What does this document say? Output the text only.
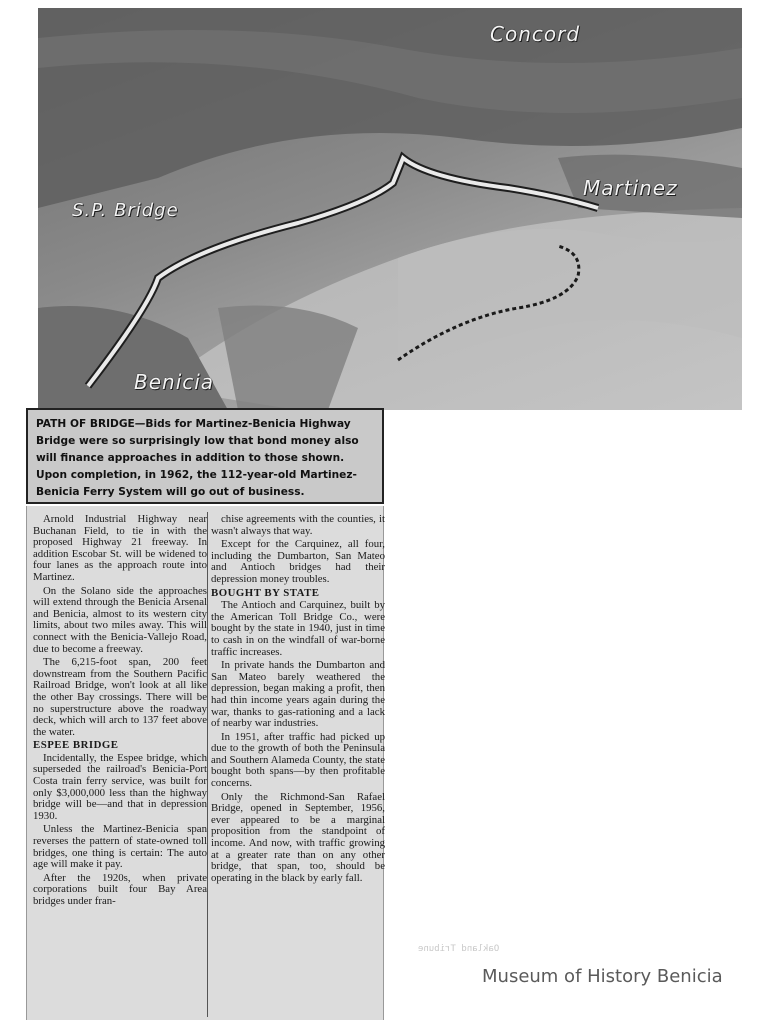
Concord
Martinez
S.P. Bridge
Benicia
PATH OF BRIDGE—Bids for Martinez-Benicia Highway Bridge were so surprisingly low that bond money also will finance approaches in addition to those shown. Upon completion, in 1962, the 112-year-old Martinez-Benicia Ferry System will go out of business.

Arnold Industrial Highway near Buchanan Field, to tie in with the proposed Highway 21 freeway. In addition Escobar St. will be widened to four lanes as the approach route into Martinez.

On the Solano side the approaches will extend through the Benicia Arsenal and Benicia, almost to its western city limits, about two miles away. This will connect with the Benicia-Vallejo Road, due to become a freeway.

The 6,215-foot span, 200 feet downstream from the Southern Pacific Railroad Bridge, won't look at all like the other Bay crossings. There will be no superstructure above the roadway deck, which will arch to 137 feet above the water.

ESPEE BRIDGE

Incidentally, the Espee bridge, which superseded the railroad's Benicia-Port Costa train ferry service, was built for only $3,000,000 less than the highway bridge will be—and that in depression 1930.

Unless the Martinez-Benicia span reverses the pattern of state-owned toll bridges, one thing is certain: The auto age will make it pay.

After the 1920s, when private corporations built four Bay Area bridges under fran-

chise agreements with the counties, it wasn't always that way.

Except for the Carquinez, all four, including the Dumbarton, San Mateo and Antioch bridges had their depression money troubles.

BOUGHT BY STATE

The Antioch and Carquinez, built by the American Toll Bridge Co., were bought by the state in 1940, just in time to cash in on the windfall of war-borne traffic increases.

In private hands the Dumbarton and San Mateo barely weathered the depression, began making a profit, then had thin income years again during the war, thanks to gas-rationing and a lack of nearby war industries.

In 1951, after traffic had picked up due to the growth of both the Peninsula and Southern Alameda County, the state bought both spans—by then profitable concerns.

Only the Richmond-San Rafael Bridge, opened in September, 1956, ever appeared to be a marginal proposition from the standpoint of income. And now, with traffic growing at a greater rate than on any other bridge, that span, too, should be operating in the black by early fall.

Oakland Tribune
Museum of History Benicia
